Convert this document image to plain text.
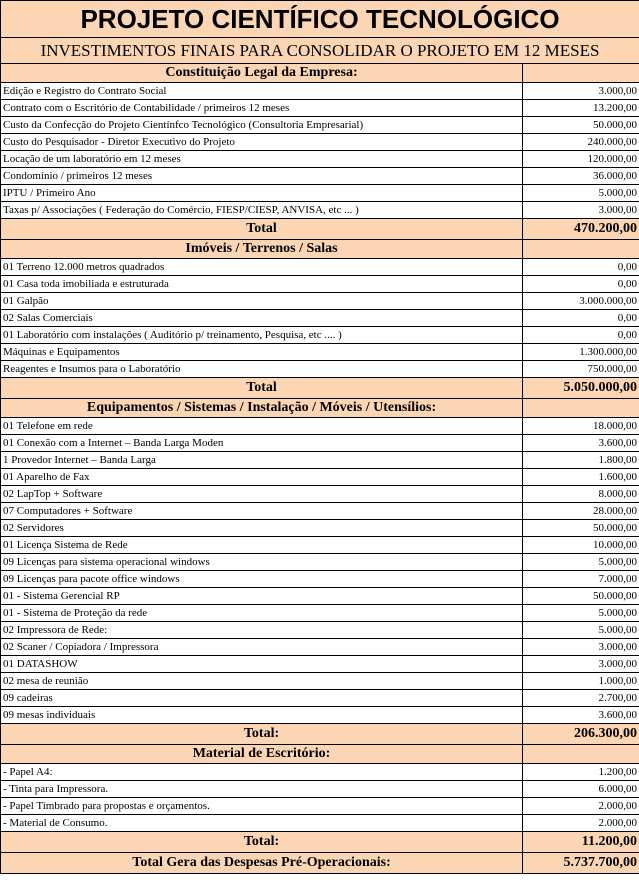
PROJETO CIENTÍFICO TECNOLÓGICO	
INVESTIMENTOS FINAIS PARA CONSOLIDAR O PROJETO EM 12 MESES	
Constituição Legal da Empresa:	
Edição e Registro do Contrato Social	3.000,00
Contrato com o Escritório de Contabilidade / primeiros 12 meses	13.200,00
Custo da Confecção do Projeto Cientínfco Tecnológico (Consultoria Empresarial)	50.000,00
Custo do Pesquisador - Diretor Executivo do Projeto	240.000,00
Locação de um laboratório em 12 meses	120.000,00
Condomínio / primeiros 12 meses	36.000,00
IPTU / Primeiro Ano	5.000,00
Taxas p/ Associações ( Federação do Comércio, FIESP/CIESP, ANVISA, etc ... )	3.000,00
Total	470.200,00
Imóveis / Terrenos / Salas	
01 Terreno 12.000 metros quadrados	0,00
01 Casa toda imobiliada e estruturada	0,00
01 Galpão	3.000.000,00
02 Salas Comerciais	0,00
01 Laboratório com instalações ( Auditório p/ treinamento, Pesquisa, etc .... )	0,00
Máquinas e Equipamentos	1.300.000,00
Reagentes e Insumos para o Laboratório	750.000,00
Total	5.050.000,00
Equipamentos / Sistemas / Instalação / Móveis / Utensílios:	
01 Telefone em rede	18.000,00
01 Conexão com a Internet – Banda Larga Moden	3.600,00
1 Provedor Internet – Banda Larga	1.800,00
01 Aparelho de Fax	1.600,00
02 LapTop + Software	8.000,00
07 Computadores + Software	28.000,00
02 Servidores	50.000,00
01 Licença Sistema de Rede	10.000,00
09 Licenças para sistema operacional windows	5.000,00
09 Licenças para pacote office windows	7.000,00
01 - Sistema Gerencial RP	50.000,00
01 - Sistema de Proteção da rede	5.000,00
02 Impressora de Rede:	5.000,00
02 Scaner / Copiadora / Impressora	3.000,00
01 DATASHOW	3.000,00
02 mesa de reunião	1.000,00
09 cadeiras	2.700,00
09 mesas individuais	3.600,00
Total:	206.300,00
Material de Escritório:	
- Papel A4:	1.200,00
- Tinta para Impressora.	6.000,00
- Papel Timbrado para propostas e orçamentos.	2.000,00
- Material de Consumo.	2.000,00
Total:	11.200,00
Total Gera das Despesas Pré-Operacionais:	5.737.700,00
